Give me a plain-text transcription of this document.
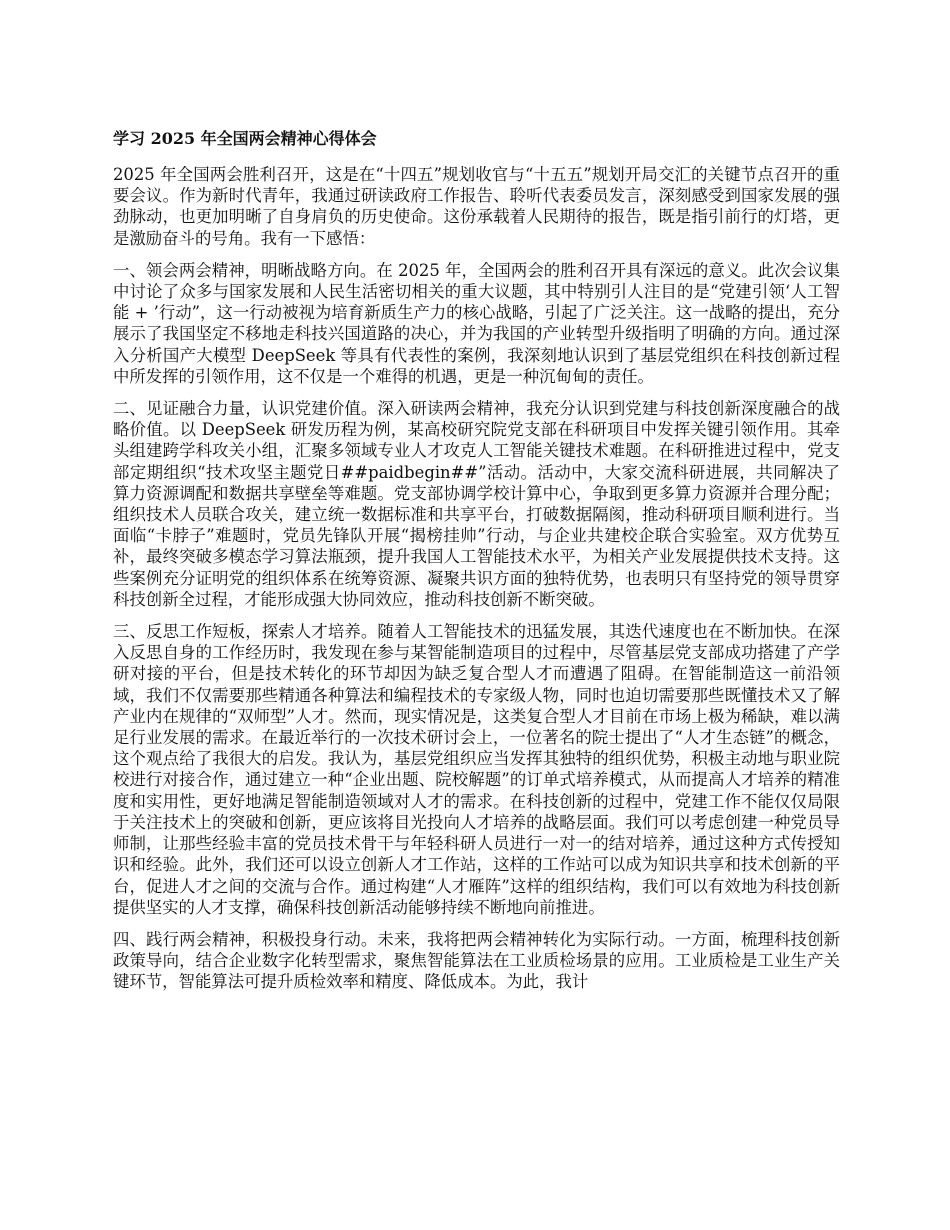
学习 2025 年全国两会精神心得体会

2025 年全国两会胜利召开，这是在“十四五”规划收官与“十五五”规划开局交汇的关键节点召开的重要会议。作为新时代青年，我通过研读政府工作报告、聆听代表委员发言，深刻感受到国家发展的强劲脉动，也更加明晰了自身肩负的历史使命。这份承载着人民期待的报告，既是指引前行的灯塔，更是激励奋斗的号角。我有一下感悟：

一、领会两会精神，明晰战略方向。在 2025 年，全国两会的胜利召开具有深远的意义。此次会议集中讨论了众多与国家发展和人民生活密切相关的重大议题，其中特别引人注目的是“党建引领‘人工智能 + ’行动”，这一行动被视为培育新质生产力的核心战略，引起了广泛关注。这一战略的提出，充分展示了我国坚定不移地走科技兴国道路的决心，并为我国的产业转型升级指明了明确的方向。通过深入分析国产大模型 DeepSeek 等具有代表性的案例，我深刻地认识到了基层党组织在科技创新过程中所发挥的引领作用，这不仅是一个难得的机遇，更是一种沉甸甸的责任。

二、见证融合力量，认识党建价值。深入研读两会精神，我充分认识到党建与科技创新深度融合的战略价值。以 DeepSeek 研发历程为例，某高校研究院党支部在科研项目中发挥关键引领作用。其牵头组建跨学科攻关小组，汇聚多领域专业人才攻克人工智能关键技术难题。在科研推进过程中，党支部定期组织“技术攻坚主题党日##paidbegin##”活动。活动中，大家交流科研进展，共同解决了算力资源调配和数据共享壁垒等难题。党支部协调学校计算中心，争取到更多算力资源并合理分配；组织技术人员联合攻关，建立统一数据标准和共享平台，打破数据隔阂，推动科研项目顺利进行。当面临“卡脖子”难题时，党员先锋队开展“揭榜挂帅”行动，与企业共建校企联合实验室。双方优势互补，最终突破多模态学习算法瓶颈，提升我国人工智能技术水平，为相关产业发展提供技术支持。这些案例充分证明党的组织体系在统筹资源、凝聚共识方面的独特优势，也表明只有坚持党的领导贯穿科技创新全过程，才能形成强大协同效应，推动科技创新不断突破。

三、反思工作短板，探索人才培养。随着人工智能技术的迅猛发展，其迭代速度也在不断加快。在深入反思自身的工作经历时，我发现在参与某智能制造项目的过程中，尽管基层党支部成功搭建了产学研对接的平台，但是技术转化的环节却因为缺乏复合型人才而遭遇了阻碍。在智能制造这一前沿领域，我们不仅需要那些精通各种算法和编程技术的专家级人物，同时也迫切需要那些既懂技术又了解产业内在规律的“双师型”人才。然而，现实情况是，这类复合型人才目前在市场上极为稀缺，难以满足行业发展的需求。在最近举行的一次技术研讨会上，一位著名的院士提出了“人才生态链”的概念，这个观点给了我很大的启发。我认为，基层党组织应当发挥其独特的组织优势，积极主动地与职业院校进行对接合作，通过建立一种“企业出题、院校解题”的订单式培养模式，从而提高人才培养的精准度和实用性，更好地满足智能制造领域对人才的需求。在科技创新的过程中，党建工作不能仅仅局限于关注技术上的突破和创新，更应该将目光投向人才培养的战略层面。我们可以考虑创建一种党员导师制，让那些经验丰富的党员技术骨干与年轻科研人员进行一对一的结对培养，通过这种方式传授知识和经验。此外，我们还可以设立创新人才工作站，这样的工作站可以成为知识共享和技术创新的平台，促进人才之间的交流与合作。通过构建“人才雁阵”这样的组织结构，我们可以有效地为科技创新提供坚实的人才支撑，确保科技创新活动能够持续不断地向前推进。

四、践行两会精神，积极投身行动。未来，我将把两会精神转化为实际行动。一方面，梳理科技创新政策导向，结合企业数字化转型需求，聚焦智能算法在工业质检场景的应用。工业质检是工业生产关键环节，智能算法可提升质检效率和精度、降低成本。为此，我计
